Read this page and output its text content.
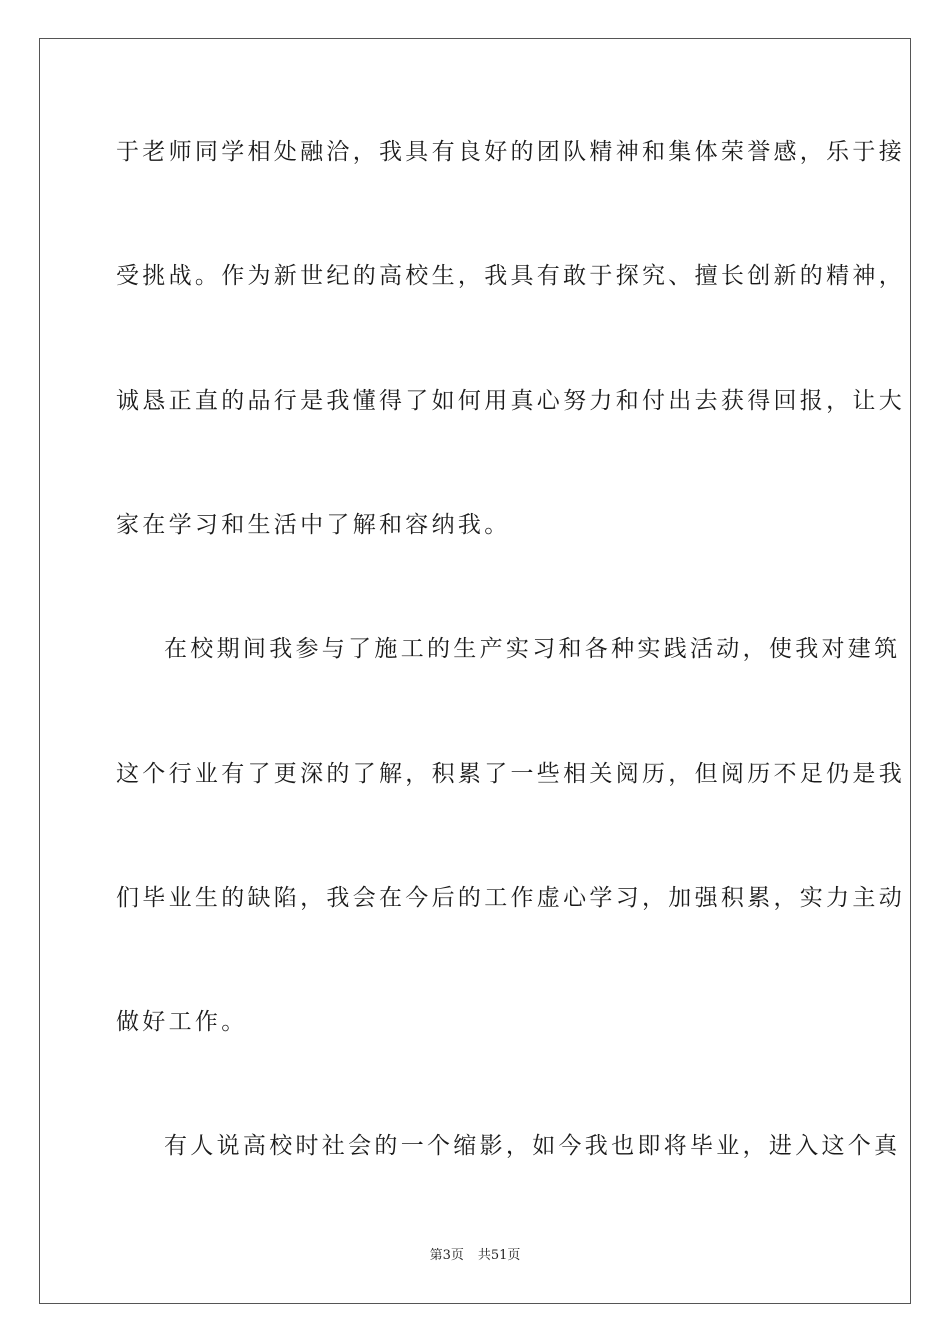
于老师同学相处融洽，我具有良好的团队精神和集体荣誉感，乐于接
受挑战。作为新世纪的高校生，我具有敢于探究、擅长创新的精神，
诚恳正直的品行是我懂得了如何用真心努力和付出去获得回报，让大
家在学习和生活中了解和容纳我。
在校期间我参与了施工的生产实习和各种实践活动，使我对建筑
这个行业有了更深的了解，积累了一些相关阅历，但阅历不足仍是我
们毕业生的缺陷，我会在今后的工作虚心学习，加强积累，实力主动
做好工作。
有人说高校时社会的一个缩影，如今我也即将毕业，进入这个真
第3页 共51页
